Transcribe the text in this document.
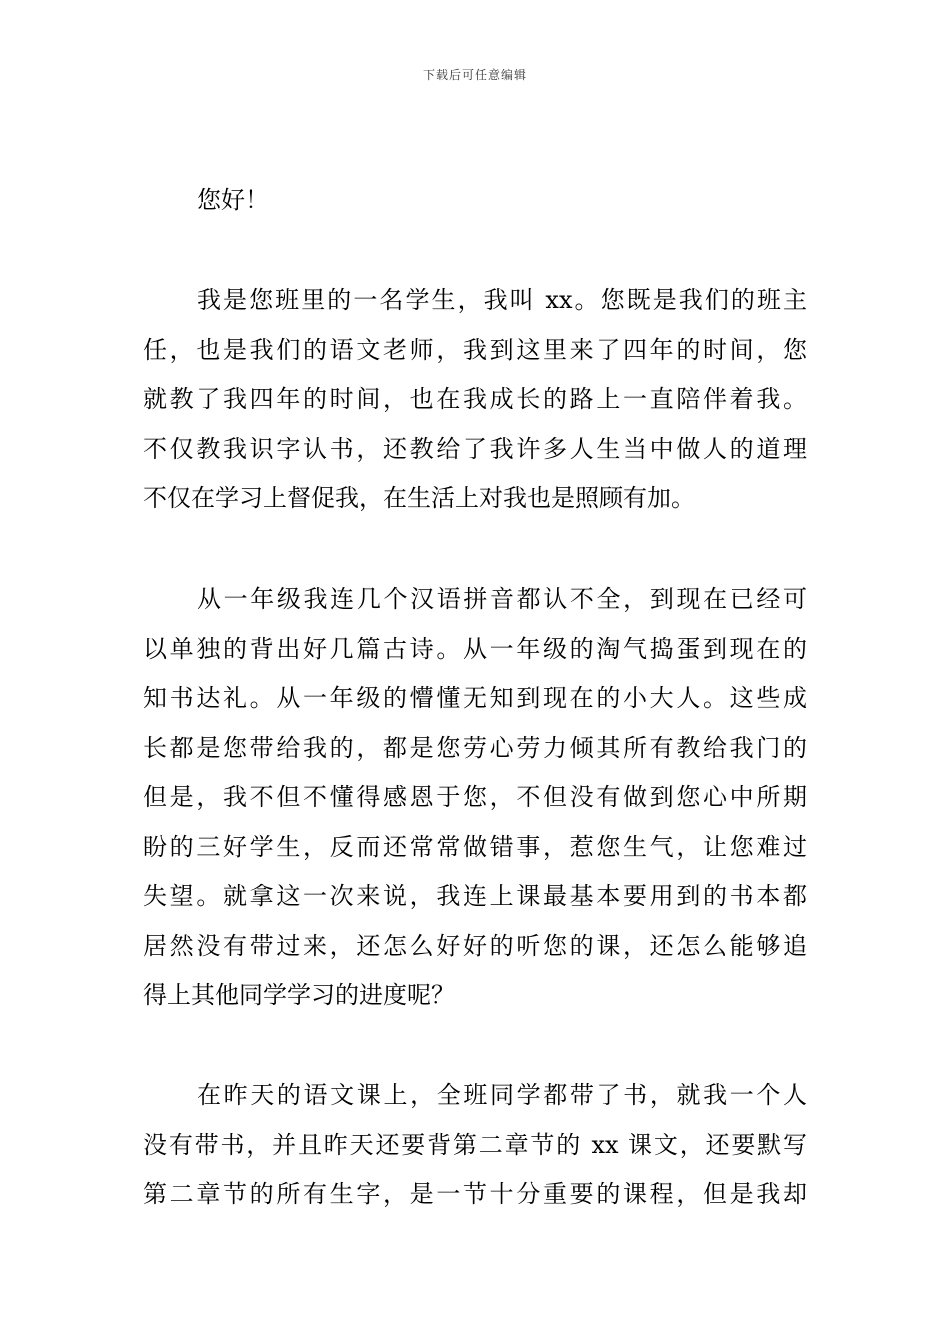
下载后可任意编辑
您好！
我是您班里的一名学生，我叫 xx。您既是我们的班主
任，也是我们的语文老师，我到这里来了四年的时间，您
就教了我四年的时间，也在我成长的路上一直陪伴着我。
不仅教我识字认书，还教给了我许多人生当中做人的道理
不仅在学习上督促我，在生活上对我也是照顾有加。
从一年级我连几个汉语拼音都认不全，到现在已经可
以单独的背出好几篇古诗。从一年级的淘气捣蛋到现在的
知书达礼。从一年级的懵懂无知到现在的小大人。这些成
长都是您带给我的，都是您劳心劳力倾其所有教给我门的
但是，我不但不懂得感恩于您，不但没有做到您心中所期
盼的三好学生，反而还常常做错事，惹您生气，让您难过
失望。就拿这一次来说，我连上课最基本要用到的书本都
居然没有带过来，还怎么好好的听您的课，还怎么能够追
得上其他同学学习的进度呢？
在昨天的语文课上，全班同学都带了书，就我一个人
没有带书，并且昨天还要背第二章节的 xx 课文，还要默写
第二章节的所有生字，是一节十分重要的课程，但是我却
